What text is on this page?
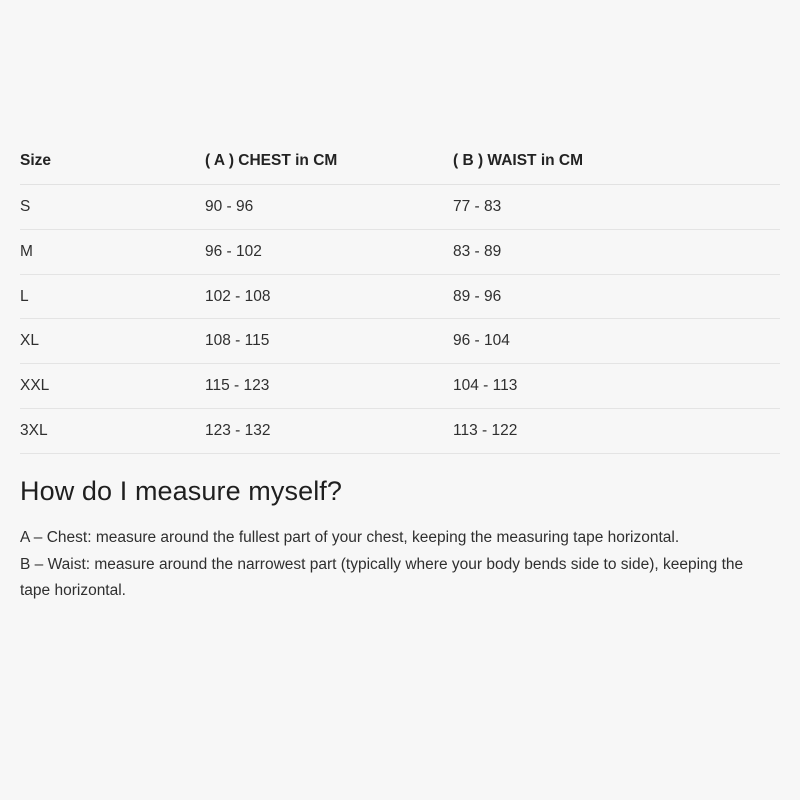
Size	( A ) CHEST in CM	( B ) WAIST in CM
S	90 - 96	77 - 83
M	96 - 102	83 - 89
L	102 - 108	89 - 96
XL	108 - 115	96 - 104
XXL	115 - 123	104 - 113
3XL	123 - 132	113 - 122
How do I measure myself?

A – Chest: measure around the fullest part of your chest, keeping the measuring tape horizontal.

B – Waist: measure around the narrowest part (typically where your body bends side to side), keeping the tape horizontal.
